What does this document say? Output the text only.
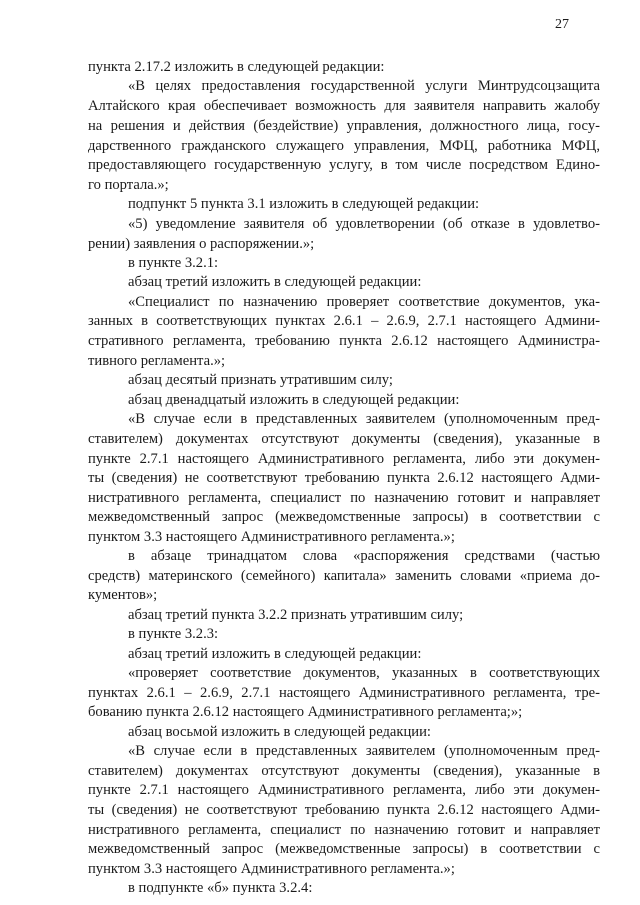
27
пункта 2.17.2 изложить в следующей редакции:
«В целях предоставления государственной услуги Минтрудсоцзащита
Алтайского края обеспечивает возможность для заявителя направить жалобу
на решения и действия (бездействие) управления, должностного лица, госу-
дарственного гражданского служащего управления, МФЦ, работника МФЦ,
предоставляющего государственную услугу, в том числе посредством Едино-
го портала.»;
подпункт 5 пункта 3.1 изложить в следующей редакции:
«5) уведомление заявителя об удовлетворении (об отказе в удовлетво-
рении) заявления о распоряжении.»;
в пункте 3.2.1:
абзац третий изложить в следующей редакции:
«Специалист по назначению проверяет соответствие документов, ука-
занных в соответствующих пунктах 2.6.1 – 2.6.9, 2.7.1 настоящего Админи-
стративного регламента, требованию пункта 2.6.12 настоящего Администра-
тивного регламента.»;
абзац десятый признать утратившим силу;
абзац двенадцатый изложить в следующей редакции:
«В случае если в представленных заявителем (уполномоченным пред-
ставителем) документах отсутствуют документы (сведения), указанные в
пункте 2.7.1 настоящего Административного регламента, либо эти докумен-
ты (сведения) не соответствуют требованию пункта 2.6.12 настоящего Адми-
нистративного регламента, специалист по назначению готовит и направляет
межведомственный запрос (межведомственные запросы) в соответствии с
пунктом 3.3 настоящего Административного регламента.»;
в абзаце тринадцатом слова «распоряжения средствами (частью
средств) материнского (семейного) капитала» заменить словами «приема до-
кументов»;
абзац третий пункта 3.2.2 признать утратившим силу;
в пункте 3.2.3:
абзац третий изложить в следующей редакции:
«проверяет соответствие документов, указанных в соответствующих
пунктах 2.6.1 – 2.6.9, 2.7.1 настоящего Административного регламента, тре-
бованию пункта 2.6.12 настоящего Административного регламента;»;
абзац восьмой изложить в следующей редакции:
«В случае если в представленных заявителем (уполномоченным пред-
ставителем) документах отсутствуют документы (сведения), указанные в
пункте 2.7.1 настоящего Административного регламента, либо эти докумен-
ты (сведения) не соответствуют требованию пункта 2.6.12 настоящего Адми-
нистративного регламента, специалист по назначению готовит и направляет
межведомственный запрос (межведомственные запросы) в соответствии с
пунктом 3.3 настоящего Административного регламента.»;
в подпункте «б» пункта 3.2.4:
